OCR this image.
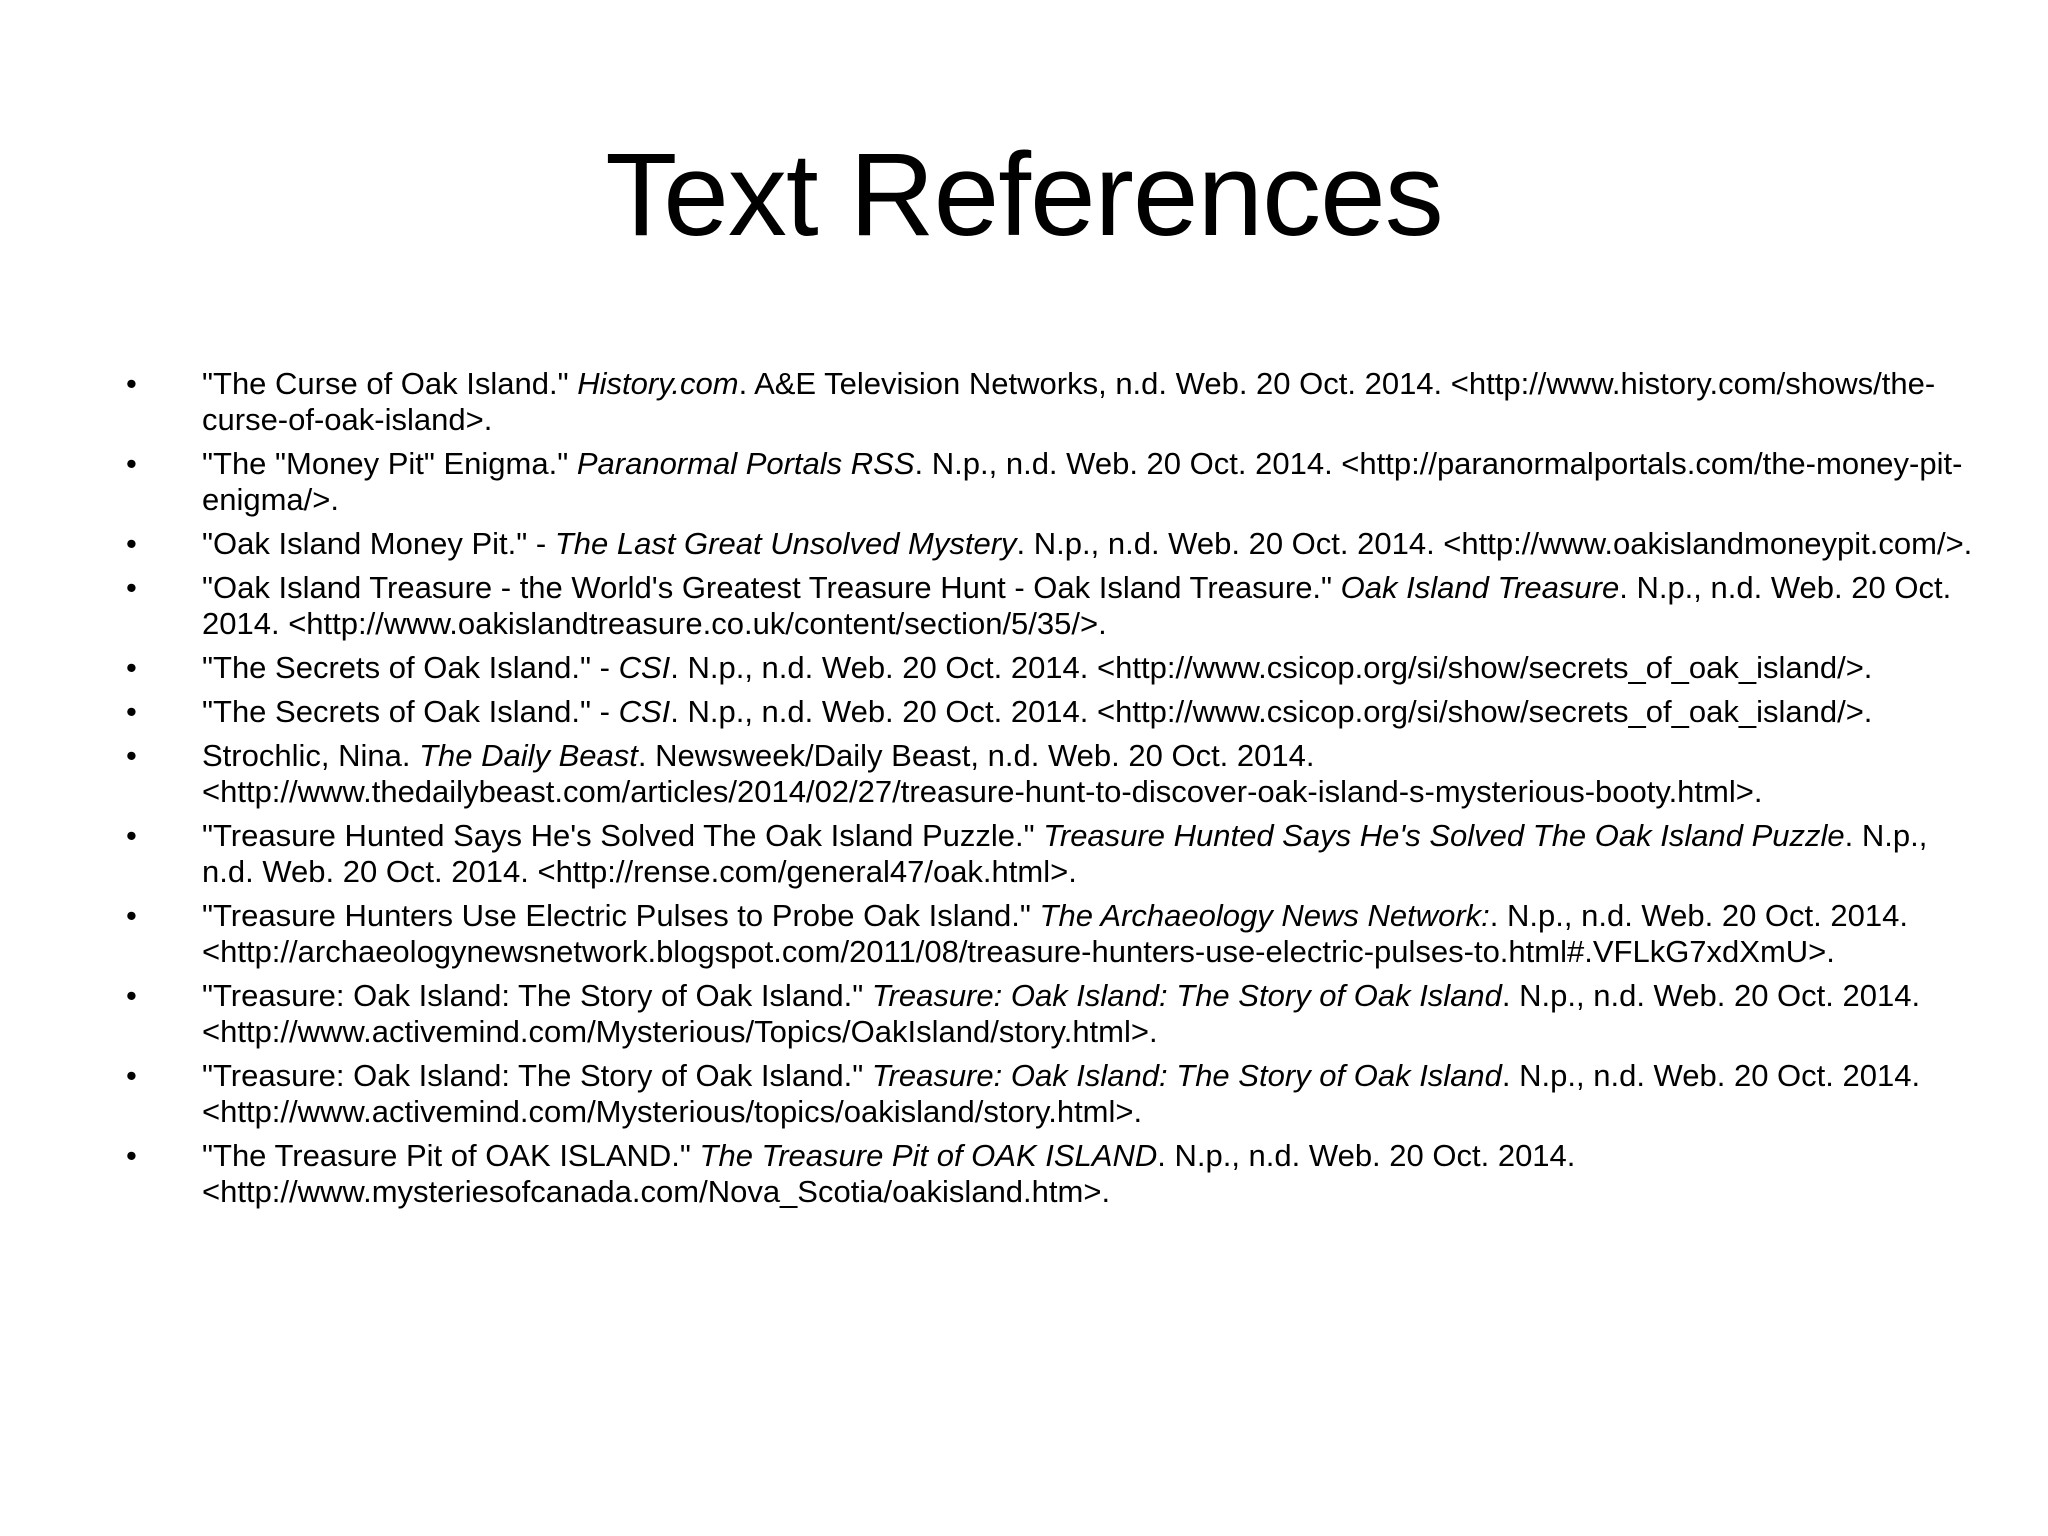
Text References
•	"The Curse of Oak Island." History.com. A&E Television Networks, n.d. Web. 20 Oct. 2014. <http://www.history.com/shows/the-curse-of-oak-island>.
•	"The "Money Pit" Enigma." Paranormal Portals RSS. N.p., n.d. Web. 20 Oct. 2014. <http://paranormalportals.com/the-money-pit-enigma/>.
•	"Oak Island Money Pit." - The Last Great Unsolved Mystery. N.p., n.d. Web. 20 Oct. 2014. <http://www.oakislandmoneypit.com/>.
•	"Oak Island Treasure - the World's Greatest Treasure Hunt - Oak Island Treasure." Oak Island Treasure. N.p., n.d. Web. 20 Oct. 2014. <http://www.oakislandtreasure.co.uk/content/section/5/35/>.
•	"The Secrets of Oak Island." - CSI. N.p., n.d. Web. 20 Oct. 2014. <http://www.csicop.org/si/show/secrets_of_oak_island/>.
•	"The Secrets of Oak Island." - CSI. N.p., n.d. Web. 20 Oct. 2014. <http://www.csicop.org/si/show/secrets_of_oak_island/>.
•	Strochlic, Nina. The Daily Beast. Newsweek/Daily Beast, n.d. Web. 20 Oct. 2014. <http://www.thedailybeast.com/articles/2014/02/27/treasure-hunt-to-discover-oak-island-s-mysterious-booty.html>.
•	"Treasure Hunted Says He's Solved The Oak Island Puzzle." Treasure Hunted Says He's Solved The Oak Island Puzzle. N.p., n.d. Web. 20 Oct. 2014. <http://rense.com/general47/oak.html>.
•	"Treasure Hunters Use Electric Pulses to Probe Oak Island." The Archaeology News Network:. N.p., n.d. Web. 20 Oct. 2014. <http://archaeologynewsnetwork.blogspot.com/2011/08/treasure-hunters-use-electric-pulses-to.html#.VFLkG7xdXmU>.
•	"Treasure: Oak Island: The Story of Oak Island." Treasure: Oak Island: The Story of Oak Island. N.p., n.d. Web. 20 Oct. 2014. <http://www.activemind.com/Mysterious/Topics/OakIsland/story.html>.
•	"Treasure: Oak Island: The Story of Oak Island." Treasure: Oak Island: The Story of Oak Island. N.p., n.d. Web. 20 Oct. 2014. <http://www.activemind.com/Mysterious/topics/oakisland/story.html>.
•	"The Treasure Pit of OAK ISLAND." The Treasure Pit of OAK ISLAND. N.p., n.d. Web. 20 Oct. 2014. <http://www.mysteriesofcanada.com/Nova_Scotia/oakisland.htm>.
